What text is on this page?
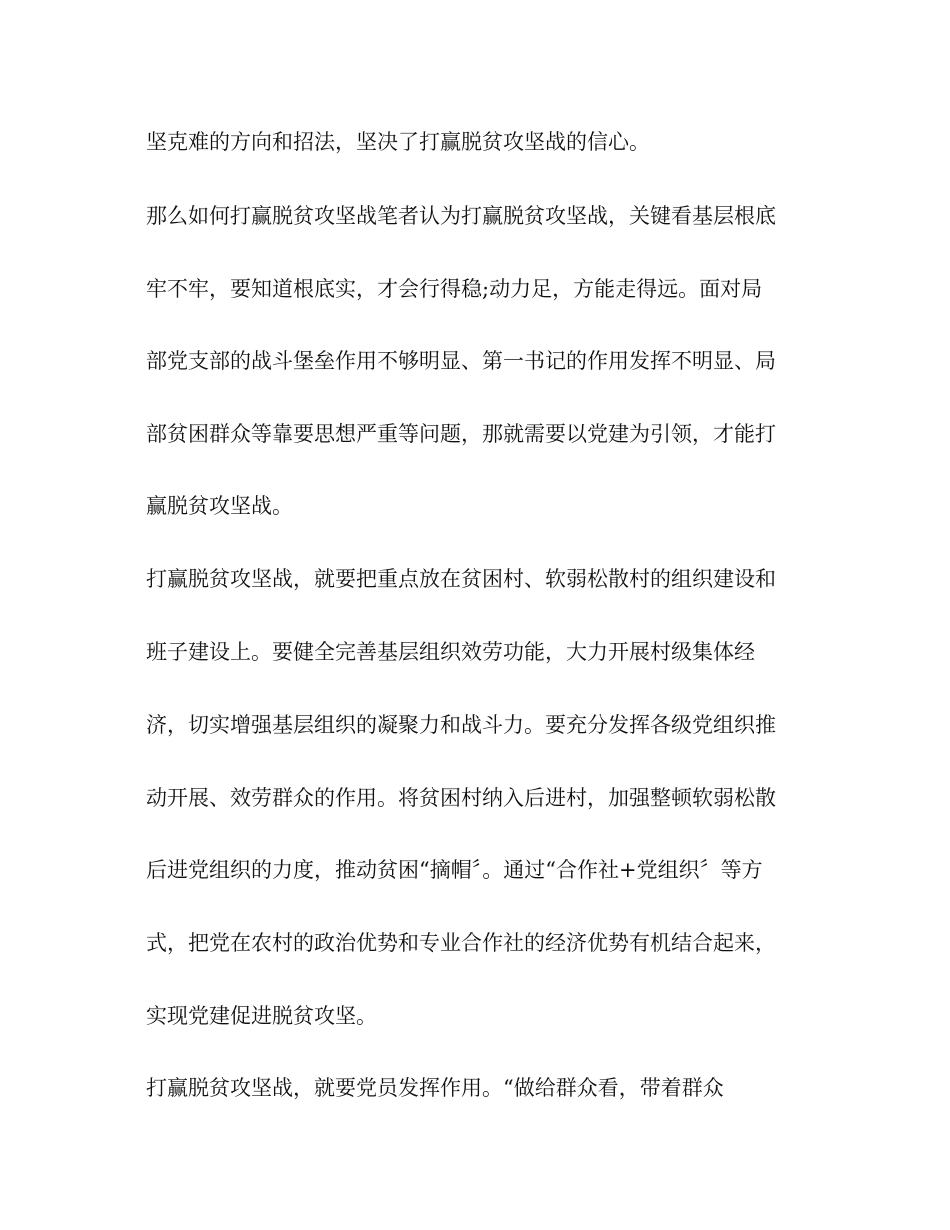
坚克难的方向和招法，坚决了打赢脱贫攻坚战的信心。

那么如何打赢脱贫攻坚战笔者认为打赢脱贫攻坚战，关键看基层根底

牢不牢，要知道根底实，才会行得稳;动力足，方能走得远。面对局

部党支部的战斗堡垒作用不够明显、第一书记的作用发挥不明显、局

部贫困群众等靠要思想严重等问题，那就需要以党建为引领，才能打

赢脱贫攻坚战。

打赢脱贫攻坚战，就要把重点放在贫困村、软弱松散村的组织建设和

班子建设上。要健全完善基层组织效劳功能，大力开展村级集体经

济，切实增强基层组织的凝聚力和战斗力。要充分发挥各级党组织推

动开展、效劳群众的作用。将贫困村纳入后进村，加强整顿软弱松散

后进党组织的力度，推动贫困“摘帽〞。通过“合作社+党组织〞等方

式，把党在农村的政治优势和专业合作社的经济优势有机结合起来，

实现党建促进脱贫攻坚。

打赢脱贫攻坚战，就要党员发挥作用。“做给群众看，带着群众
